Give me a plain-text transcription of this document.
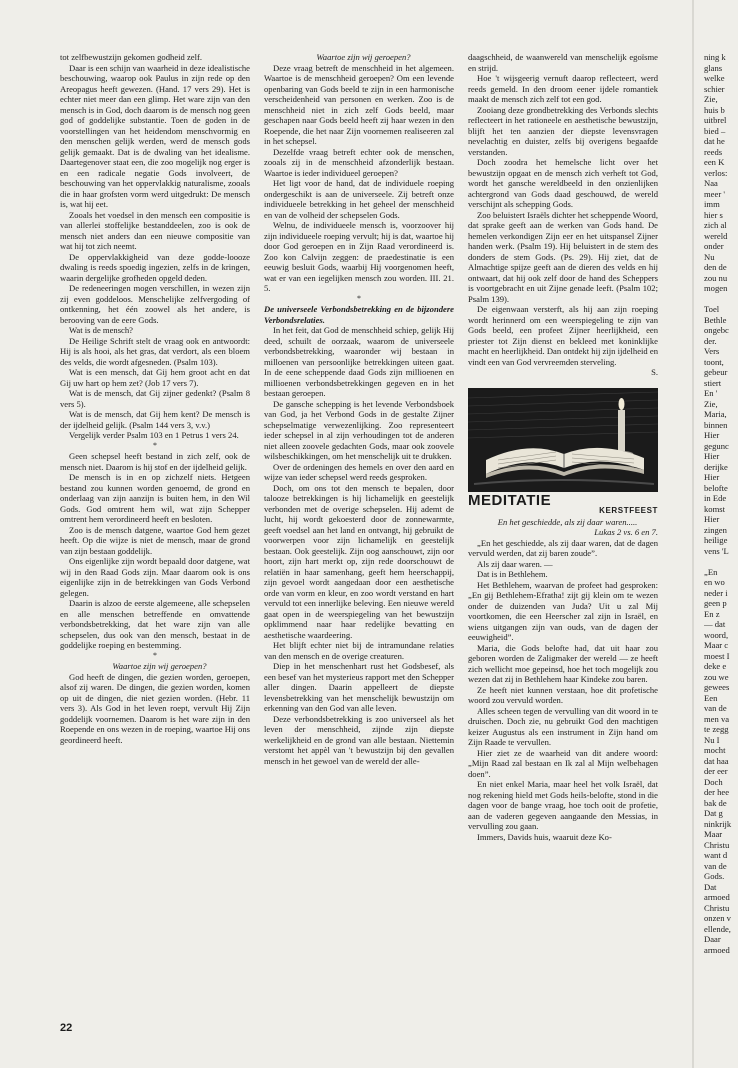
tot zelfbewustzijn gekomen godheid zelf.

Daar is een schijn van waarheid in deze idealistische beschouwing, waarop ook Paulus in zijn rede op den Areopagus heeft gewezen. (Hand. 17 vers 29). Het is echter niet meer dan een glimp. Het ware zijn van den mensch is in God, doch daarom is de mensch nog geen god of goddelijke substantie. Toen de goden in de voorstellingen van het heidendom menschvormig en den menschen gelijk werden, werd de mensch gods gelijk gemaakt. Dat is de dwaling van het idealisme. Daartegenover staat een, die zoo mogelijk nog erger is en een radicale negatie Gods involveert, de beschouwing van het oppervlakkig naturalisme, zooals die in haar grofsten vorm werd uitgedrukt: De mensch is, wat hij eet.

Zooals het voedsel in den mensch een compositie is van allerlei stoffelijke bestanddeelen, zoo is ook de mensch niet anders dan een nieuwe compositie van wat hij tot zich neemt.

De oppervlakkigheid van deze godde-loooze dwaling is reeds spoedig ingezien, zelfs in de kringen, waarin dergelijke grofheden opgeld deden.

De redeneeringen mogen verschillen, in wezen zijn zij even goddeloos. Menschelijke zelfvergoding of ontkenning, het één zoowel als het andere, is berooving van de eere Gods.

Wat is de mensch?

De Heilige Schrift stelt de vraag ook en antwoordt: Hij is als hooi, als het gras, dat verdort, als een bloem des velds, die wordt afgesneden. (Psalm 103).

Wat is een mensch, dat Gij hem groot acht en dat Gij uw hart op hem zet? (Job 17 vers 7).

Wat is de mensch, dat Gij zijner gedenkt? (Psalm 8 vers 5).

Wat is de mensch, dat Gij hem kent? De mensch is der ijdelheid gelijk. (Psalm 144 vers 3, v.v.)

Vergelijk verder Psalm 103 en 1 Petrus 1 vers 24.

*

Geen schepsel heeft bestand in zich zelf, ook de mensch niet. Daarom is hij stof en der ijdelheid gelijk.

De mensch is in en op zichzelf niets. Hetgeen bestand zou kunnen worden genoemd, de grond en onderlaag van zijn aanzijn is buiten hem, in den Wil Gods. God omtrent hem wil, wat zijn Schepper omtrent hem verordineerd heeft en besloten.

Zoo is de mensch datgene, waartoe God hem gezet heeft. Op die wijze is niet de mensch, maar de grond van zijn bestaan goddelijk.

Ons eigenlijke zijn wordt bepaald door datgene, wat wij in den Raad Gods zijn. Maar daarom ook is ons eigenlijke zijn in de betrekkingen van Gods Verbond gelegen.

Daarin is alzoo de eerste algemeene, alle schepselen en alle menschen betreffende en omvattende verbondsbetrekking, dat het ware zijn van alle schepselen, dus ook van den mensch, bestaat in de goddelijke roeping en bestemming.

*

Waartoe zijn wij geroepen?

God heeft de dingen, die gezien worden, geroepen, alsof zij waren. De dingen, die gezien worden, komen op uit de dingen, die niet gezien worden. (Hebr. 11 vers 3). Als God in het leven roept, vervult Hij Zijn goddelijk voornemen. Daarom is het ware zijn in den Roepende en ons wezen in de roeping, waartoe Hij ons geordineerd heeft.

Waartoe zijn wij geroepen?

Deze vraag betreft de menschheid in het algemeen. Waartoe is de menschheid geroepen? Om een levende openbaring van Gods beeld te zijn in een harmonische verscheidenheid van personen en werken. Zoo is de menschheid niet in zich zelf Gods beeld, maar geschapen naar Gods beeld heeft zij haar wezen in den Roepende, die het naar Zijn voornemen realiseeren zal in het schepsel.

Dezelfde vraag betreft echter ook de menschen, zooals zij in de menschheid afzonderlijk bestaan. Waartoe is ieder individueel geroepen?

Het ligt voor de hand, dat de individuele roeping ondergeschikt is aan de universeele. Zij betreft onze individueele betrekking in het geheel der menschheid en van de volheid der schepselen Gods.

Welnu, de individueele mensch is, voorzoover hij zijn individueele roeping vervult; hij is dat, waartoe hij door God geroepen en in Zijn Raad verordineerd is. Zoo kon Calvijn zeggen: de praedestinatie is een eeuwig besluit Gods, waarbij Hij voorgenomen heeft, wat er van een iegelijken mensch zou worden. III. 21. 5.

*

De universeele Verbondsbetrekking en de bijzondere Verbondsrelaties.

In het feit, dat God de menschheid schiep, gelijk Hij deed, schuilt de oorzaak, waarom de universeele verbondsbetrekking, waaronder wij bestaan in milloenen van persoonlijke betrekkingen uiteen gaat. In de eene scheppende daad Gods zijn millioenen en millioenen verbondsbetrekkingen gegeven en in het bestaan geroepen.

De gansche schepping is het levende Verbondsboek van God, ja het Verbond Gods in de gestalte Zijner schepselmatige verwezenlijking. Zoo representeert ieder schepsel in al zijn verhoudingen tot de anderen niet alleen zoovele gedachten Gods, maar ook zoovele wilsbeschikkingen, om het menschelijk uit te drukken.

Over de ordeningen des hemels en over den aard en wijze van ieder schepsel werd reeds gesproken.

Doch, om ons tot den mensch te bepalen, door talooze betrekkingen is hij lichamelijk en geestelijk verbonden met de overige schepselen. Hij ademt de lucht, hij wordt gekoesterd door de zonnewarmte, geeft voedsel aan het land en ontvangt, hij gebruikt de voorwerpen voor zijn lichamelijk en geestelijk bestaan. Ook geestelijk. Zijn oog aanschouwt, zijn oor hoort, zijn hart merkt op, zijn rede doorschouwt de relatiën in haar samenhang, geeft hem heerschappij, zijn gevoel wordt aangedaan door een aesthetische orde van vorm en kleur, en zoo wordt verstand en hart vervuld tot een innerlijke beleving. Een nieuwe wereld gaat open in de weerspiegeling van het bewustzijn opklimmend naar haar redelijke bevatting en aesthetische waardeering.

Het blijft echter niet bij de intramundane relaties van den mensch en de overige creaturen.

Diep in het menschenhart rust het Godsbesef, als een besef van het mysterieus rapport met den Schepper aller dingen. Daarin appelleert de diepste levensbetrekking van het menschelijk bewustzijn om erkenning van den God van alle leven.

Deze verbondsbetrekking is zoo universeel als het leven der menschheid, zijnde zijn diepste werkelijkheid en de grond van alle bestaan. Niettemin verstomt het appèl van 't bewustzijn bij den gevallen mensch in het gewoel van de wereld der alle-

daagschheid, de waanwereld van menschelijk egoïsme en strijd.

Hoe 't wijsgeerig vernuft daarop reflecteert, werd reeds gemeld. In den droom eener ijdele romantiek maakt de mensch zich zelf tot een god.

Zooiang deze grondbetrekking des Verbonds slechts reflecteert in het rationeele en aesthetische bewustzijn, blijft het ten aanzien der diepste levensvragen nevelachtig en duister, zelfs bij overigens begaafde verstanden.

Doch zoodra het hemelsche licht over het bewustzijn opgaat en de mensch zich verheft tot God, wordt het gansche wereldbeeld in den onzienlijken achtergrond van Gods daad geschouwd, de wereld verschijnt als schepping Gods.

Zoo beluistert Israëls dichter het scheppende Woord, dat sprake geeft aan de werken van Gods hand. De hemelen verkondigen Zijn eer en het uitspansel Zijner handen werk. (Psalm 19). Hij beluistert in de stem des donders de stem Gods. (Ps. 29). Hij ziet, dat de Almachtige spijze geeft aan de dieren des velds en hij ontwaart, dat hij ook zelf door de hand des Scheppers is voortgebracht en uit Zijne genade leeft. (Psalm 102; Psalm 139).

De eigenwaan versterft, als hij aan zijn roeping wordt herinnerd om een weerspiegeling te zijn van Gods beeld, een profeet Zijner heerlijkheid, een priester tot Zijn dienst en bekleed met koninklijke macht en heerlijkheid. Dan ontdekt hij zijn ijdelheid en vindt een van God vervreemden sterveling.

S.

MEDITATIE

KERSTFEEST

En het geschiedde, als zij daar waren.....

Lukas 2 vs. 6 en 7.

„En het geschiedde, als zij daar waren, dat de dagen vervuld werden, dat zij baren zoude”.

Als zij daar waren. —

Dat is in Bethlehem.

Het Bethlehem, waarvan de profeet had gesproken: „En gij Bethlehem-Efratha! zijt gij klein om te wezen onder de duizenden van Juda? Uit u zal Mij voortkomen, die een Heerscher zal zijn in Israël, en wiens uitgangen zijn van ouds, van de dagen der eeuwigheid”.

Maria, die Gods belofte had, dat uit haar zou geboren worden de Zaligmaker der wereld — ze heeft zich wellicht moe gepeinsd, hoe het toch mogelijk zou wezen dat zij in Bethlehem haar Kindeke zou baren.

Ze heeft niet kunnen verstaan, hoe dit profetische woord zou vervuld worden.

Alles scheen tegen de vervulling van dit woord in te druischen. Doch zie, nu gebruikt God den machtigen keizer Augustus als een instrument in Zijn hand om Zijn Raade te vervullen.

Hier ziet ze de waarheid van dit andere woord: „Mijn Raad zal bestaan en Ik zal al Mijn welbehagen doen”.

En niet enkel Maria, maar heel het volk Israël, dat nog rekening hield met Gods heils-belofte, stond in die dagen voor de bange vraag, hoe toch ooit de profetie, aan de vaderen gegeven aangaande den Messias, in vervulling zou gaan.

Immers, Davids huis, waaruit deze Ko-

ning k
glans
welke
schier
Zie,
huis b
uitbrel
bied –
dat he
reeds
een K
verlos:
Naa
meer '
imm
hier s
zich al
wereld
onder
Nu
den de
zou nu
mogen

Toel
Bethle
ongebc
der.
Vers
toont,
gebeur
stiert
En '
Zie,
Maria,
binnen
Hier
gegunc
Hier
derijke
Hier
belofte
in Ede
komst
Hier
zingen
heilige
vens 'L

„En
en wo
neder i
geen p
En z
— dat
woord,
Maar c
moest I
deke e
zou we
gewees
Een
van de
men va
te zegg
Nu I
mocht
dat haa
der eer
Doch
der hee
bak de
Dat g
ninkrijk
Maar
Christu
want d
van de
Gods.
Dat
armoed
Christu
onzen v
ellende,
Daar
armoed
22
